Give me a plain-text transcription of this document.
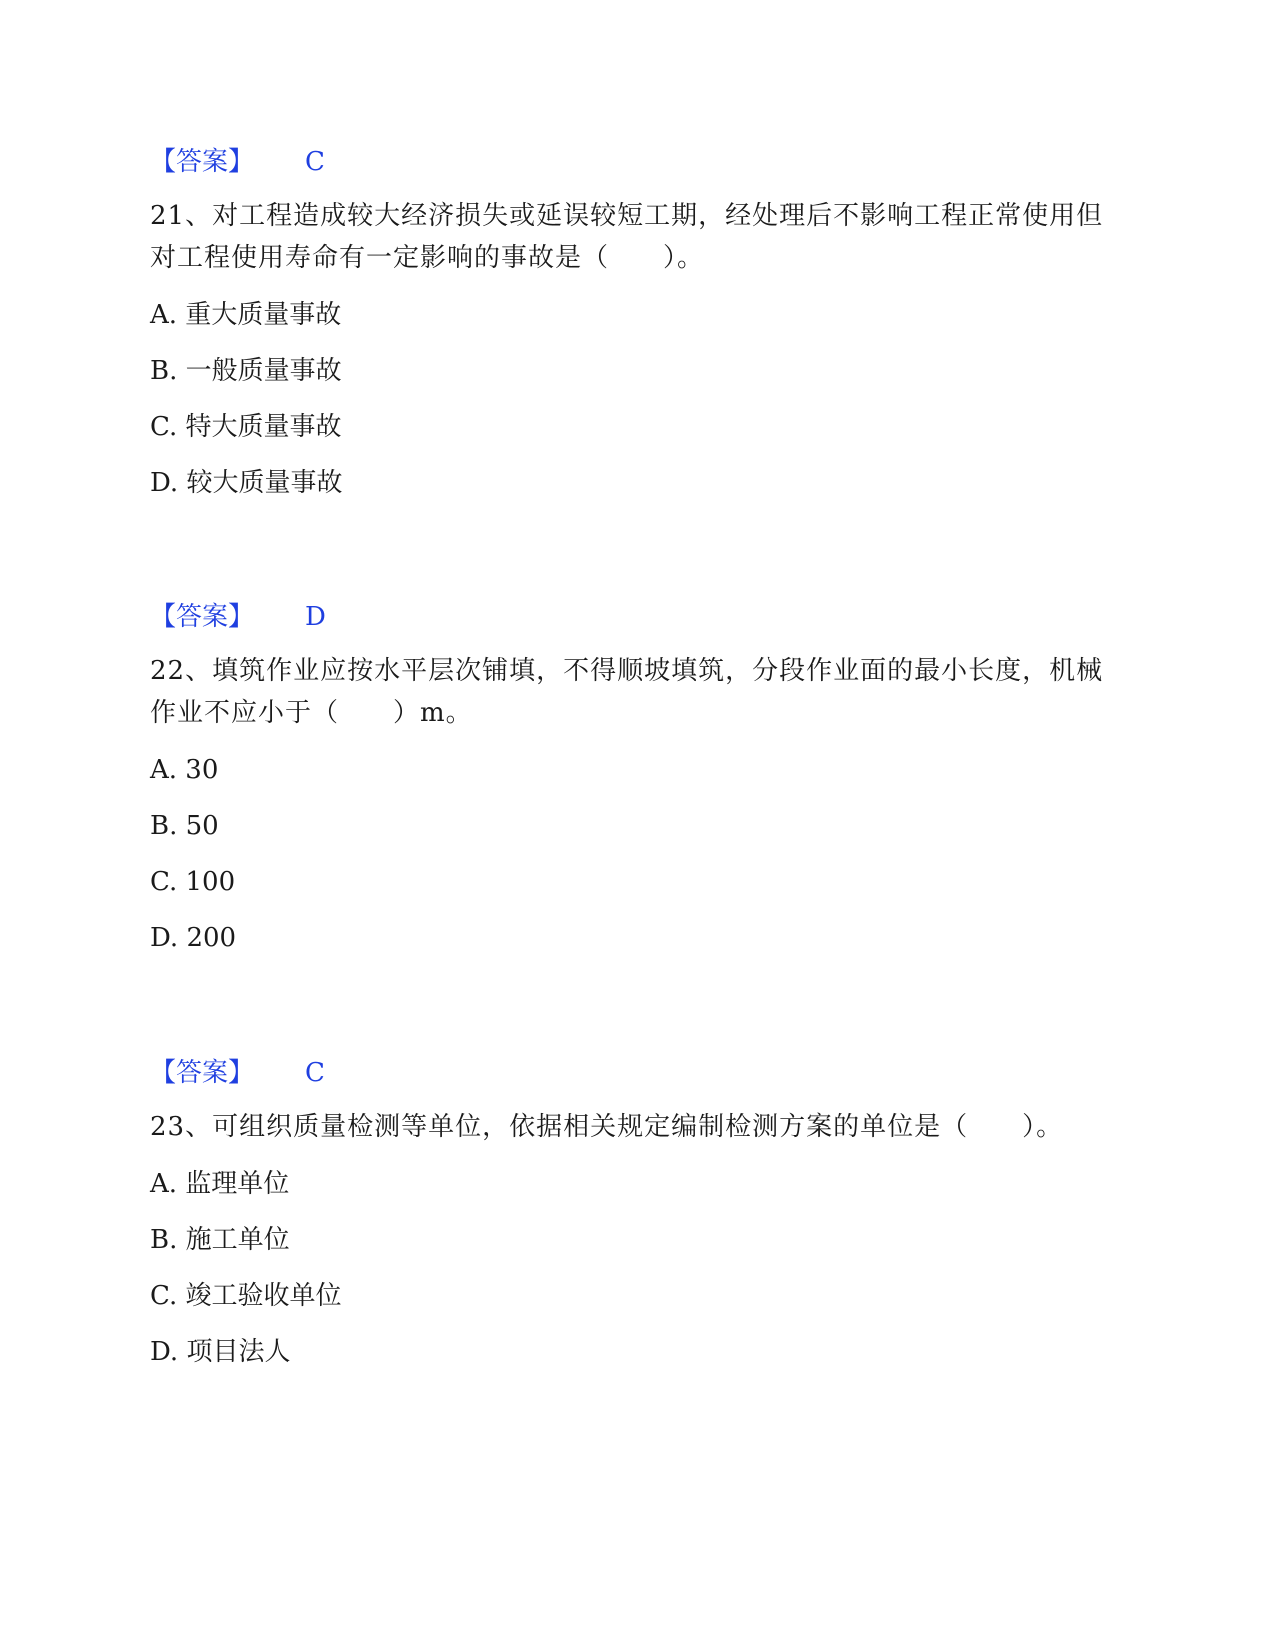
【答案】 C
21、对工程造成较大经济损失或延误较短工期，经处理后不影响工程正常使用但对工程使用寿命有一定影响的事故是（　　）。
A. 重大质量事故
B. 一般质量事故
C. 特大质量事故
D. 较大质量事故
【答案】 D
22、填筑作业应按水平层次铺填，不得顺坡填筑，分段作业面的最小长度，机械作业不应小于（　　）m。
A. 30
B. 50
C. 100
D. 200
【答案】 C
23、可组织质量检测等单位，依据相关规定编制检测方案的单位是（　　）。
A. 监理单位
B. 施工单位
C. 竣工验收单位
D. 项目法人
